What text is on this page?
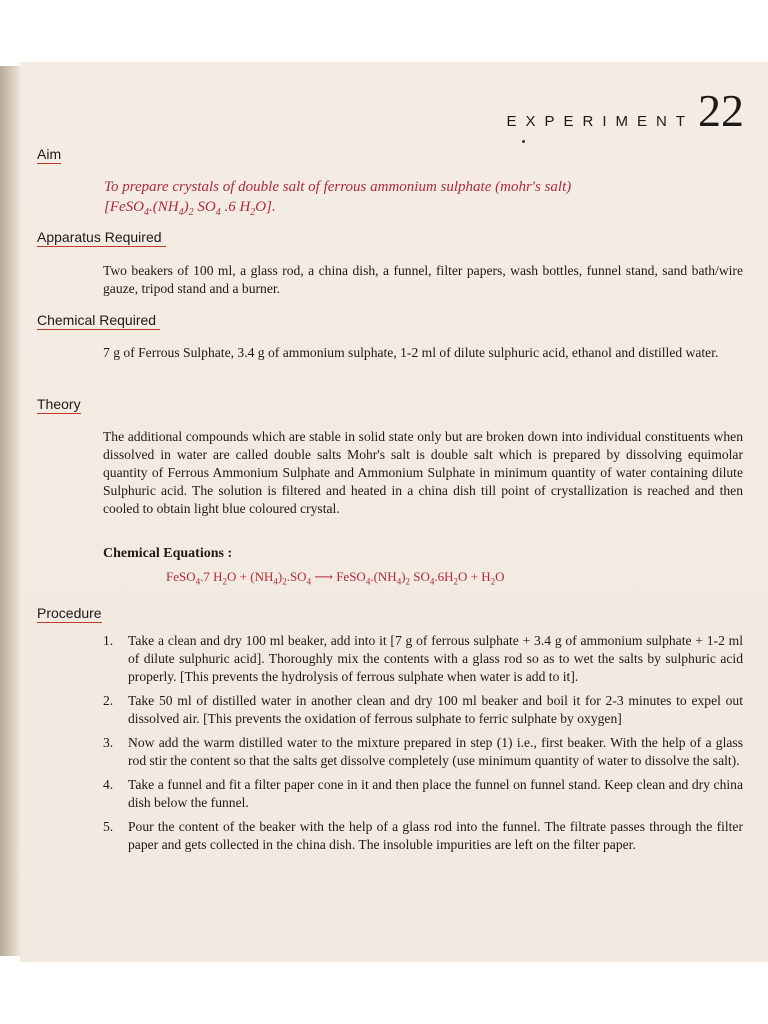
EXPERIMENT 22
Aim
To prepare crystals of double salt of ferrous ammonium sulphate (mohr's salt)
[$FeSO_4.(NH_4)_2$ $SO_4$ .6 $H_2O$].
Apparatus Required
Two beakers of 100 ml, a glass rod, a china dish, a funnel, filter papers, wash bottles, funnel stand, sand bath/wire gauze, tripod stand and a burner.
Chemical Required
7 g of Ferrous Sulphate, 3.4 g of ammonium sulphate, 1-2 ml of dilute sulphuric acid, ethanol and distilled water.
Theory
The additional compounds which are stable in solid state only but are broken down into individual constituents when dissolved in water are called double salts Mohr's salt is double salt which is prepared by dissolving equimolar quantity of Ferrous Ammonium Sulphate and Ammonium Sulphate in minimum quantity of water containing dilute Sulphuric acid. The solution is filtered and heated in a china dish till point of crystallization is reached and then cooled to obtain light blue coloured crystal.
Chemical Equations :
FeSO$_4$.7 $H_2O + (NH_4)_2.SO_4$ ⟶ $FeSO_4.(NH_4)_2$ $SO_4.6H_2O + H_2O$
Procedure
1.	Take a clean and dry 100 ml beaker, add into it [7 g of ferrous sulphate + 3.4 g of ammonium sulphate + 1-2 ml of dilute sulphuric acid]. Thoroughly mix the contents with a glass rod so as to wet the salts by sulphuric acid properly. [This prevents the hydrolysis of ferrous sulphate when water is add to it].
2.	Take 50 ml of distilled water in another clean and dry 100 ml beaker and boil it for 2-3 minutes to expel out dissolved air. [This prevents the oxidation of ferrous sulphate to ferric sulphate by oxygen]
3.	Now add the warm distilled water to the mixture prepared in step (1) i.e., first beaker. With the help of a glass rod stir the content so that the salts get dissolve completely (use minimum quantity of water to dissolve the salt).
4.	Take a funnel and fit a filter paper cone in it and then place the funnel on funnel stand. Keep clean and dry china dish below the funnel.
5.	Pour the content of the beaker with the help of a glass rod into the funnel. The filtrate passes through the filter paper and gets collected in the china dish. The insoluble impurities are left on the filter paper.
